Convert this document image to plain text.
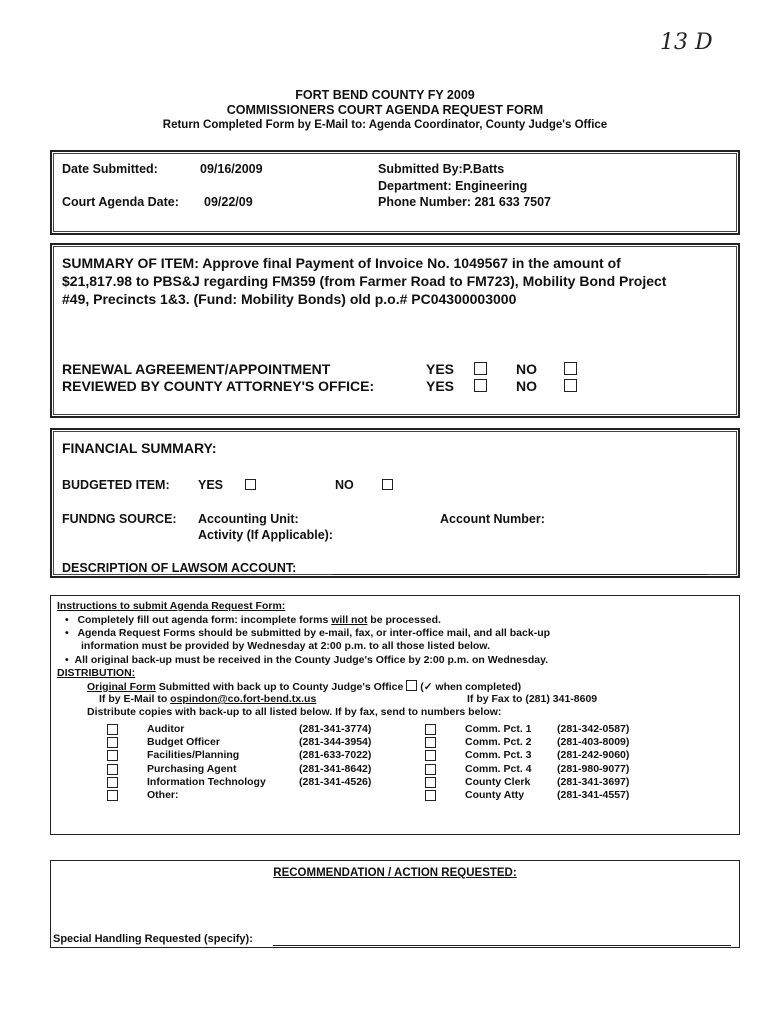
13 D
FORT BEND COUNTY FY 2009
COMMISSIONERS COURT AGENDA REQUEST FORM
Return Completed Form by E-Mail to: Agenda Coordinator, County Judge's Office
Date Submitted:	09/16/2009
Court Agenda Date: 09/22/09
Submitted By:P.Batts
Department: Engineering
Phone Number: 281 633 7507
SUMMARY OF ITEM: Approve final Payment of Invoice No. 1049567 in the amount of
$21,817.98 to PBS&J regarding FM359 (from Farmer Road to FM723), Mobility Bond Project
#49, Precincts 1&3. (Fund: Mobility Bonds) old p.o.# PC04300003000
RENEWAL AGREEMENT/APPOINTMENT	YES	NO
REVIEWED BY COUNTY ATTORNEY'S OFFICE:	YES	NO
FINANCIAL SUMMARY:
BUDGETED ITEM: YES	NO
FUNDNG SOURCE: Accounting Unit:
Activity (If Applicable):
Account Number:
DESCRIPTION OF LAWSOM ACCOUNT:
Instructions to submit Agenda Request Form:
•   Completely fill out agenda form: incomplete forms will not be processed.
•   Agenda Request Forms should be submitted by e-mail, fax, or inter-office mail, and all back-up
information must be provided by Wednesday at 2:00 p.m. to all those listed below.
•  All original back-up must be received in the County Judge's Office by 2:00 p.m. on Wednesday.
DISTRIBUTION:
Original Form Submitted with back up to County Judge's Office (✓ when completed)
If by E-Mail to ospindon@co.fort-bend.tx.us	If by Fax to (281) 341-8609
Distribute copies with back-up to all listed below. If by fax, send to numbers below:
Auditor	(281-341-3774)
Budget Officer	(281-344-3954)
Facilities/Planning	(281-633-7022)
Purchasing Agent	(281-341-8642)
Information Technology	(281-341-4526)
Other:
Comm. Pct. 1 (281-342-0587)
Comm. Pct. 2 (281-403-8009)
Comm. Pct. 3 (281-242-9060)
Comm. Pct. 4 (281-980-9077)
County Clerk	(281-341-3697)
County Atty	(281-341-4557)
RECOMMENDATION / ACTION REQUESTED:
Special Handling Requested (specify):
